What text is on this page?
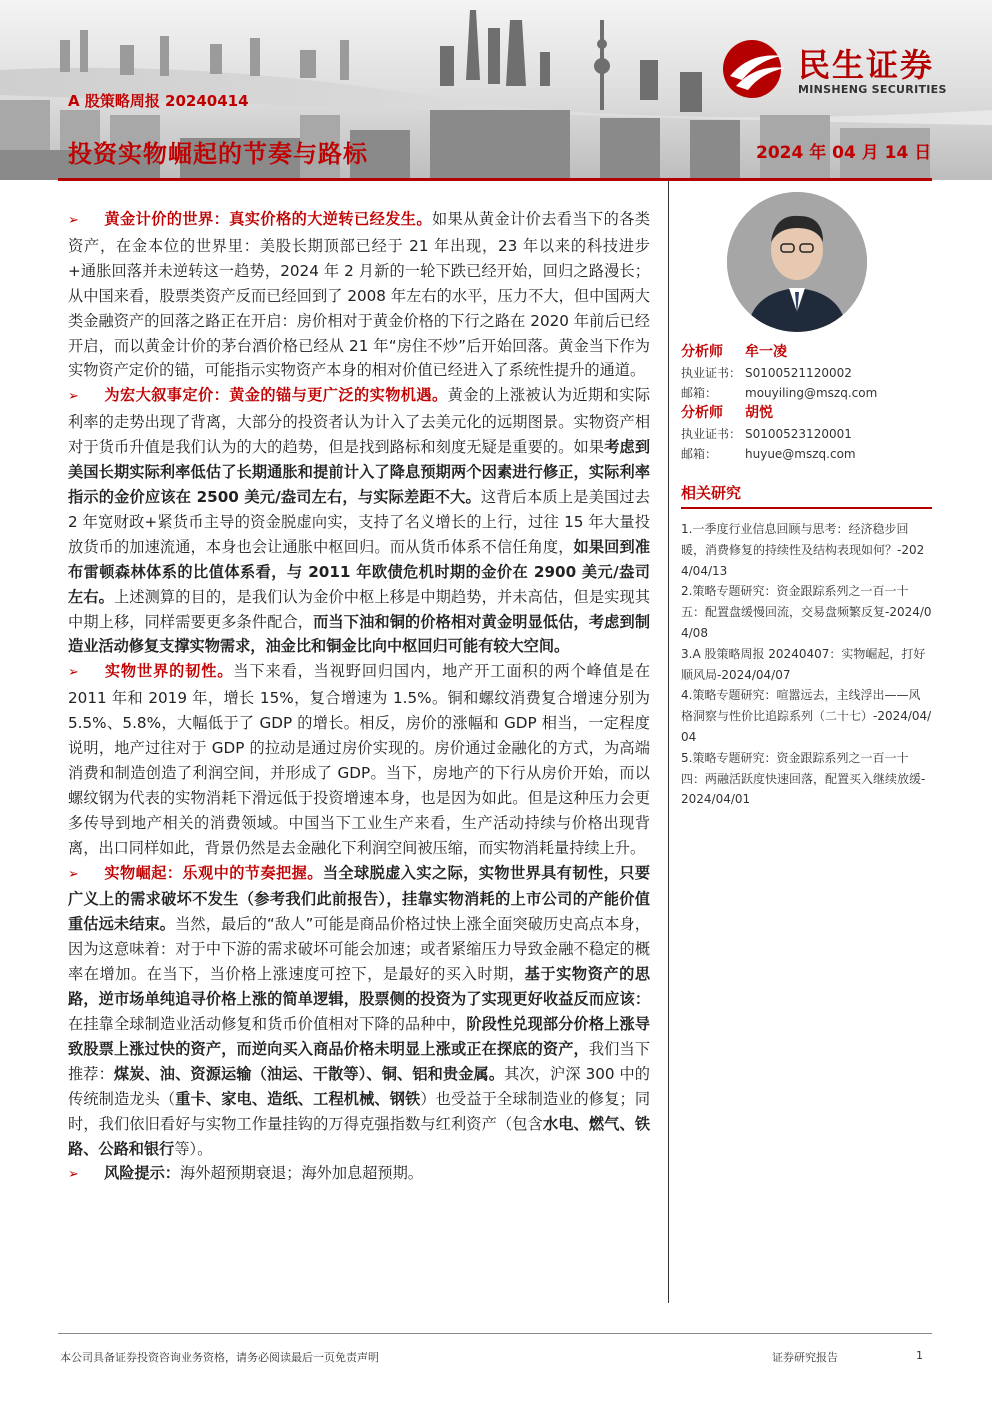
A 股策略周报 20240414
投资实物崛起的节奏与路标	2024 年 04 月 14 日
民生证券
MINSHENG SECURITIES

➢ 黄金计价的世界：真实价格的大逆转已经发生。如果从黄金计价去看当下的各类资产，在金本位的世界里：美股长期顶部已经于 21 年出现，23 年以来的科技进步+通胀回落并未逆转这一趋势，2024 年 2 月新的一轮下跌已经开始，回归之路漫长；从中国来看，股票类资产反而已经回到了 2008 年左右的水平，压力不大，但中国两大类金融资产的回落之路正在开启：房价相对于黄金价格的下行之路在 2020 年前后已经开启，而以黄金计价的茅台酒价格已经从 21 年“房住不炒”后开始回落。黄金当下作为实物资产定价的锚，可能指示实物资产本身的相对价值已经进入了系统性提升的通道。

➢ 为宏大叙事定价：黄金的锚与更广泛的实物机遇。黄金的上涨被认为近期和实际利率的走势出现了背离，大部分的投资者认为计入了去美元化的远期图景。实物资产相对于货币升值是我们认为的大的趋势，但是找到路标和刻度无疑是重要的。如果考虑到美国长期实际利率低估了长期通胀和提前计入了降息预期两个因素进行修正，实际利率指示的金价应该在 2500 美元/盎司左右，与实际差距不大。这背后本质上是美国过去 2 年宽财政+紧货币主导的资金脱虚向实，支持了名义增长的上行，过往 15 年大量投放货币的加速流通，本身也会让通胀中枢回归。而从货币体系不信任角度，如果回到准布雷顿森林体系的比值体系看，与 2011 年欧债危机时期的金价在 2900 美元/盎司左右。上述测算的目的，是我们认为金价中枢上移是中期趋势，并未高估，但是实现其中期上移，同样需要更多条件配合，而当下油和铜的价格相对黄金明显低估，考虑到制造业活动修复支撑实物需求，油金比和铜金比向中枢回归可能有较大空间。

➢ 实物世界的韧性。当下来看，当视野回归国内，地产开工面积的两个峰值是在 2011 年和 2019 年，增长 15%，复合增速为 1.5%。铜和螺纹消费复合增速分别为 5.5%、5.8%，大幅低于了 GDP 的增长。相反，房价的涨幅和 GDP 相当，一定程度说明，地产过往对于 GDP 的拉动是通过房价实现的。房价通过金融化的方式，为高端消费和制造创造了利润空间，并形成了 GDP。当下，房地产的下行从房价开始，而以螺纹钢为代表的实物消耗下滑远低于投资增速本身，也是因为如此。但是这种压力会更多传导到地产相关的消费领域。中国当下工业生产来看，生产活动持续与价格出现背离，出口同样如此，背景仍然是去金融化下利润空间被压缩，而实物消耗量持续上升。

➢ 实物崛起：乐观中的节奏把握。当全球脱虚入实之际，实物世界具有韧性，只要广义上的需求破坏不发生（参考我们此前报告），挂靠实物消耗的上市公司的产能价值重估远未结束。当然，最后的“敌人”可能是商品价格过快上涨全面突破历史高点本身，因为这意味着：对于中下游的需求破坏可能会加速；或者紧缩压力导致金融不稳定的概率在增加。在当下，当价格上涨速度可控下，是最好的买入时期，基于实物资产的思路，逆市场单纯追寻价格上涨的简单逻辑，股票侧的投资为了实现更好收益反而应该：在挂靠全球制造业活动修复和货币价值相对下降的品种中，阶段性兑现部分价格上涨导致股票上涨过快的资产，而逆向买入商品价格未明显上涨或正在探底的资产，我们当下推荐：煤炭、油、资源运输（油运、干散等）、铜、铝和贵金属。其次，沪深 300 中的传统制造龙头（重卡、家电、造纸、工程机械、钢铁）也受益于全球制造业的修复；同时，我们依旧看好与实物工作量挂钩的万得克强指数与红利资产（包含水电、燃气、铁路、公路和银行等）。

➢ 风险提示：海外超预期衰退；海外加息超预期。

分析师	牟一凌
执业证书： S0100521120002
邮箱：	mouyiling@mszq.com
分析师	胡悦
执业证书： S0100523120001
邮箱：	huyue@mszq.com
相关研究
1.一季度行业信息回顾与思考：经济稳步回暖，消费修复的持续性及结构表现如何？-2024/04/13
2.策略专题研究：资金跟踪系列之一百一十五：配置盘缓慢回流，交易盘频繁反复-2024/04/08
3.A 股策略周报 20240407：实物崛起，打好顺风局-2024/04/07
4.策略专题研究：喧嚣远去，主线浮出——风格洞察与性价比追踪系列（二十七）-2024/04/04
5.策略专题研究：资金跟踪系列之一百一十四：两融活跃度快速回落，配置买入继续放缓-2024/04/01
本公司具备证券投资咨询业务资格，请务必阅读最后一页免责声明	证券研究报告	1
